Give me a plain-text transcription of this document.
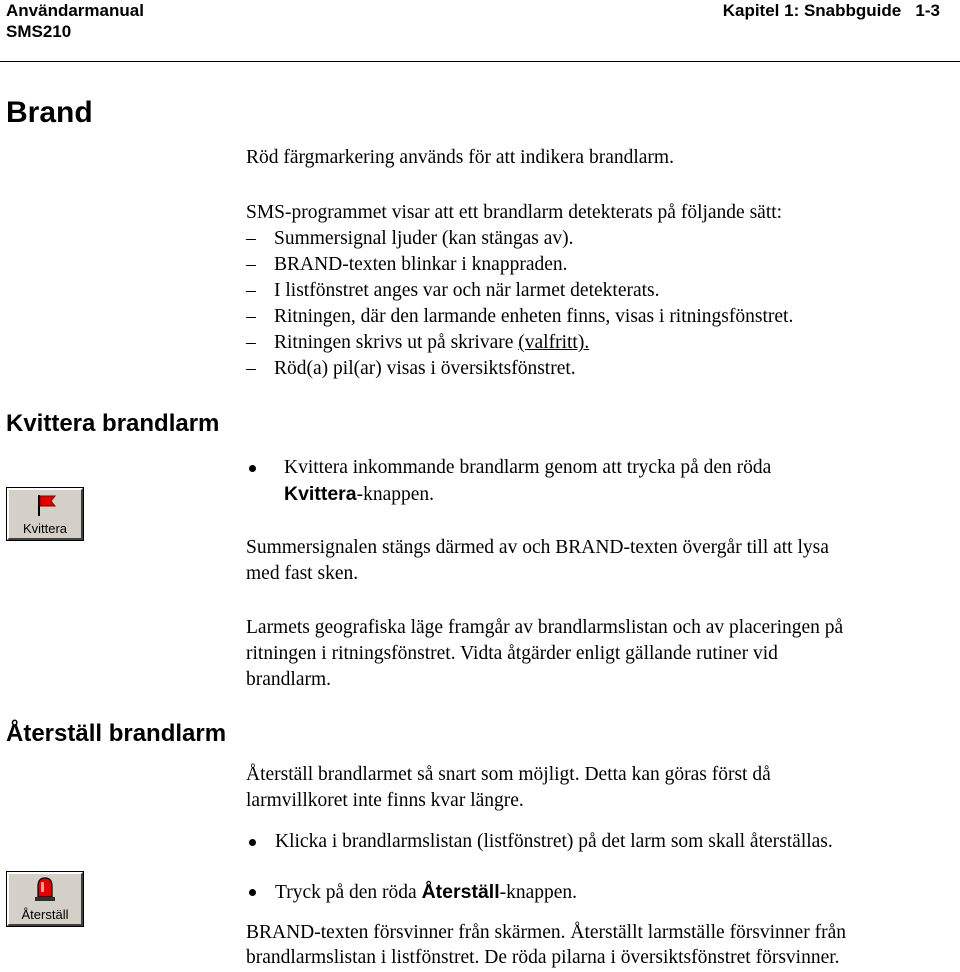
Användarmanual
SMS210
Kapitel 1: Snabbguide 1-3
Brand
Röd färgmarkering används för att indikera brandlarm.
SMS-programmet visar att ett brandlarm detekterats på följande sätt:
– Summersignal ljuder (kan stängas av).
– BRAND-texten blinkar i knappraden.
– I listfönstret anges var och när larmet detekterats.
– Ritningen, där den larmande enheten finns, visas i ritningsfönstret.
– Ritningen skrivs ut på skrivare (valfritt).
– Röd(a) pil(ar) visas i översiktsfönstret.
Kvittera brandlarm
Kvittera
Kvittera inkommande brandlarm genom att trycka på den röda
Kvittera-knappen.
Summersignalen stängs därmed av och BRAND-texten övergår till att lysa
med fast sken.
Larmets geografiska läge framgår av brandlarmslistan och av placeringen på
ritningen i ritningsfönstret. Vidta åtgärder enligt gällande rutiner vid
brandlarm.
Återställ brandlarm
Återställ brandlarmet så snart som möjligt. Detta kan göras först då
larmvillkoret inte finns kvar längre.
Klicka i brandlarmslistan (listfönstret) på det larm som skall återställas.
Återställ
Tryck på den röda Återställ-knappen.
BRAND-texten försvinner från skärmen. Återställt larmställe försvinner från
brandlarmslistan i listfönstret. De röda pilarna i översiktsfönstret försvinner.
